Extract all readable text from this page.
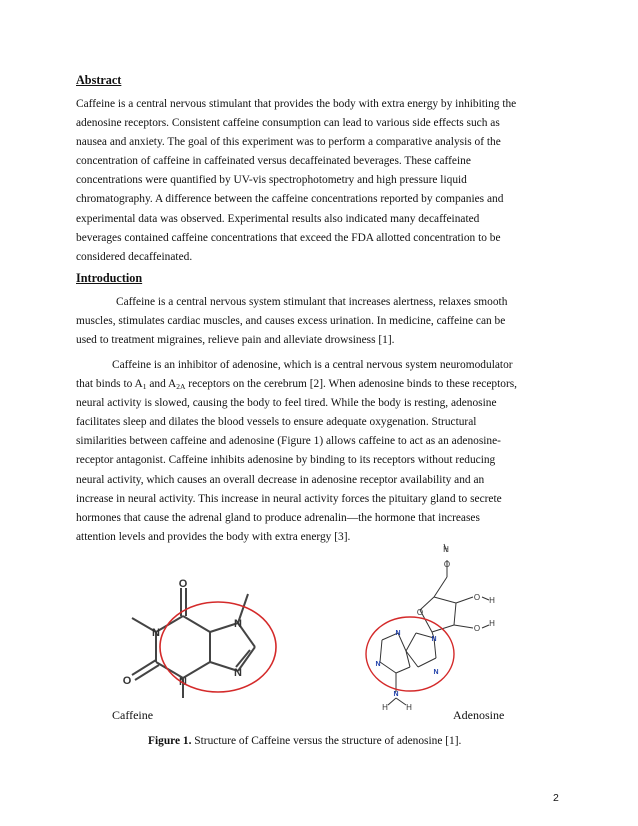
Abstract
Caffeine is a central nervous stimulant that provides the body with extra energy by inhibiting the
adenosine receptors. Consistent caffeine consumption can lead to various side effects such as
nausea and anxiety. The goal of this experiment was to perform a comparative analysis of the
concentration of caffeine in caffeinated versus decaffeinated beverages. These caffeine
concentrations were quantified by UV-vis spectrophotometry and high pressure liquid
chromatography. A difference between the caffeine concentrations reported by companies and
experimental data was observed. Experimental results also indicated many decaffeinated
beverages contained caffeine concentrations that exceed the FDA allotted concentration to be
considered decaffeinated.
Introduction
Caffeine is a central nervous system stimulant that increases alertness, relaxes smooth
muscles, stimulates cardiac muscles, and causes excess urination. In medicine, caffeine can be
used to treatment migraines, relieve pain and alleviate drowsiness [1].
Caffeine is an inhibitor of adenosine, which is a central nervous system neuromodulator
that binds to $A_1$ and $A_{2A}$ receptors on the cerebrum [2]. When adenosine binds to these receptors,
neural activity is slowed, causing the body to feel tired. While the body is resting, adenosine
facilitates sleep and dilates the blood vessels to ensure adequate oxygenation. Structural
similarities between caffeine and adenosine (Figure 1) allows caffeine to act as an adenosine-
receptor antagonist. Caffeine inhibits adenosine by binding to its receptors without reducing
neural activity, which causes an overall decrease in adenosine receptor availability and an
increase in neural activity. This increase in neural activity forces the pituitary gland to secrete
hormones that cause the adrenal gland to produce adrenalin—the hormone that increases
attention levels and provides the body with extra energy [3].
O
O
N
N
N
N
H
O
O
O H
O
H
N
N
N
N
N
H H
Caffeine	Adenosine
Figure 1. Structure of Caffeine versus the structure of adenosine [1].
2
